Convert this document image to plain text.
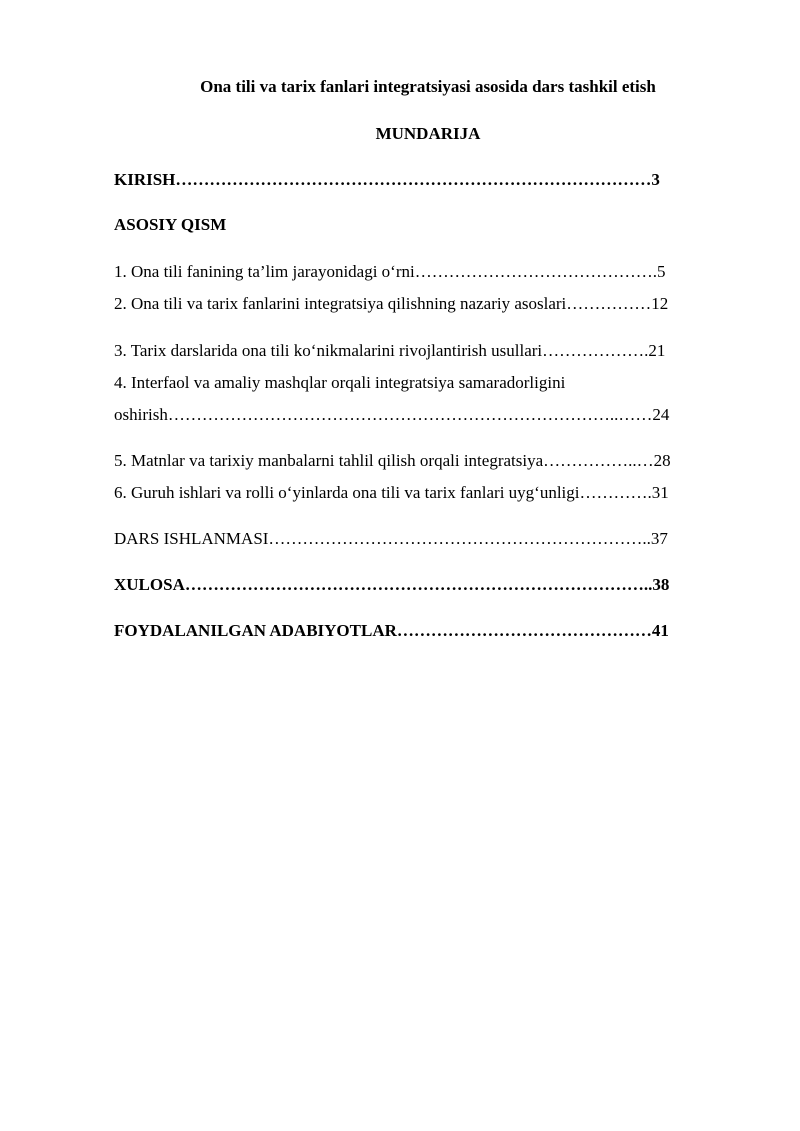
Ona tili va tarix fanlari integratsiyasi asosida dars tashkil etish
MUNDARIJA
KIRISH…………………………………………………………………………3
ASOSIY QISM
1. Ona tili fanining ta’lim jarayonidagi o‘rni…………………………………….5
2. Ona tili va tarix fanlarini integratsiya qilishning nazariy asoslari……………12
3. Tarix darslarida ona tili ko‘nikmalarini rivojlantirish usullari……………….21
4. Interfaol va amaliy mashqlar orqali integratsiya samaradorligini
oshirish……………………………………………………………………..……24
5. Matnlar va tarixiy manbalarni tahlil qilish orqali integratsiya……………..…28
6. Guruh ishlari va rolli o‘yinlarda ona tili va tarix fanlari uyg‘unligi………….31
DARS ISHLANMASI…………………………………………………………..37
XULOSA………………………………………………………………………..38
FOYDALANILGAN ADABIYOTLAR………………………………………41
